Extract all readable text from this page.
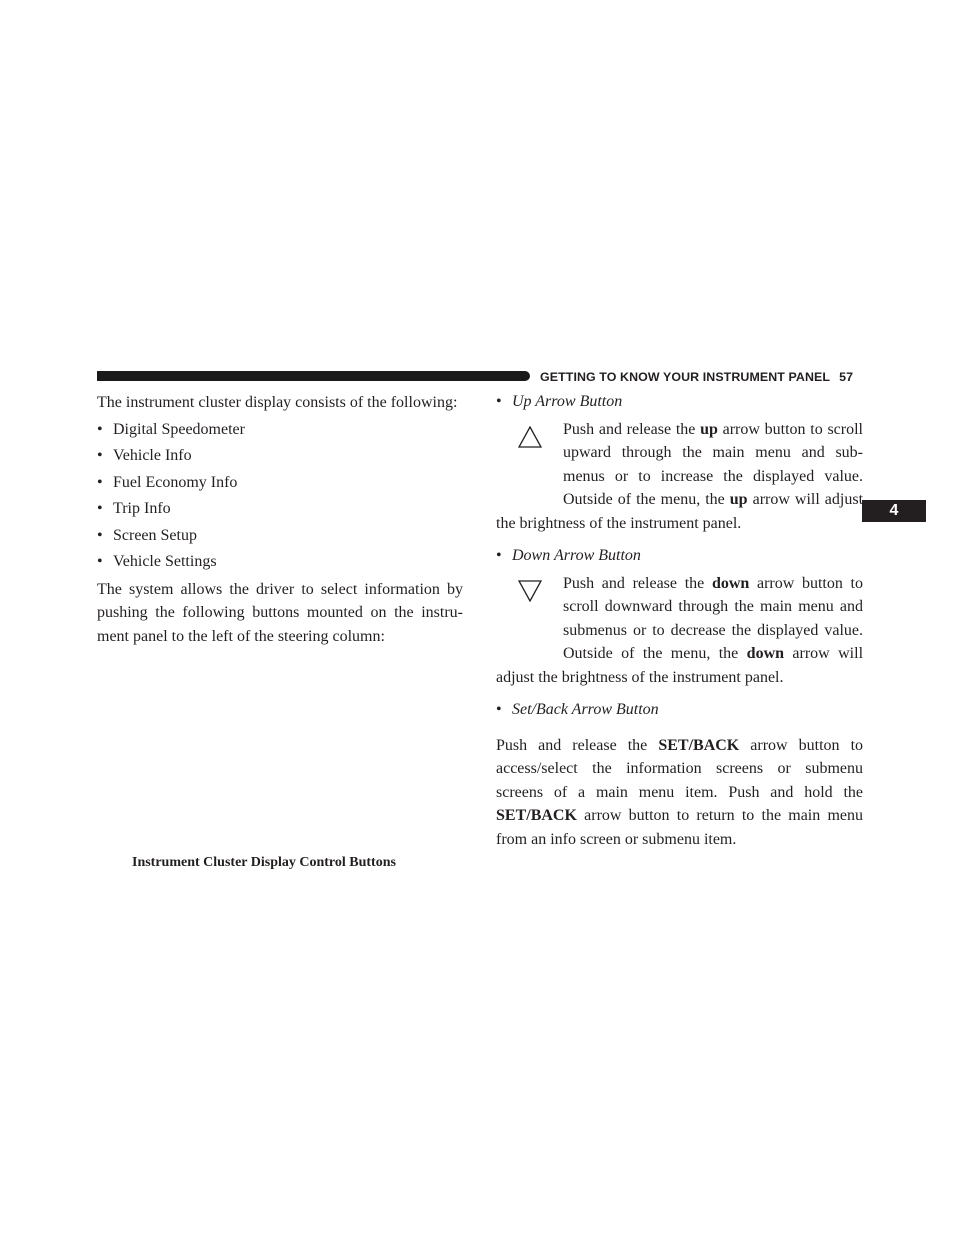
GETTING TO KNOW YOUR INSTRUMENT PANEL 57
4

The instrument cluster display consists of the following:

• Digital Speedometer
• Vehicle Info
• Fuel Economy Info
• Trip Info
• Screen Setup
• Vehicle Settings

The system allows the driver to select information by

pushing the following buttons mounted on the instru-

ment panel to the left of the steering column:

Instrument Cluster Display Control Buttons
• Up Arrow Button

Push and release the up arrow button to scroll

upward through the main menu and sub-

menus or to increase the displayed value.

Outside of the menu, the up arrow will adjust

the brightness of the instrument panel.

• Down Arrow Button

Push and release the down arrow button to

scroll downward through the main menu and

submenus or to decrease the displayed value.

Outside of the menu, the down arrow will

adjust the brightness of the instrument panel.

• Set/Back Arrow Button

Push and release the SET/BACK arrow button to

access/select the information screens or submenu

screens of a main menu item. Push and hold the

SET/BACK arrow button to return to the main menu

from an info screen or submenu item.
